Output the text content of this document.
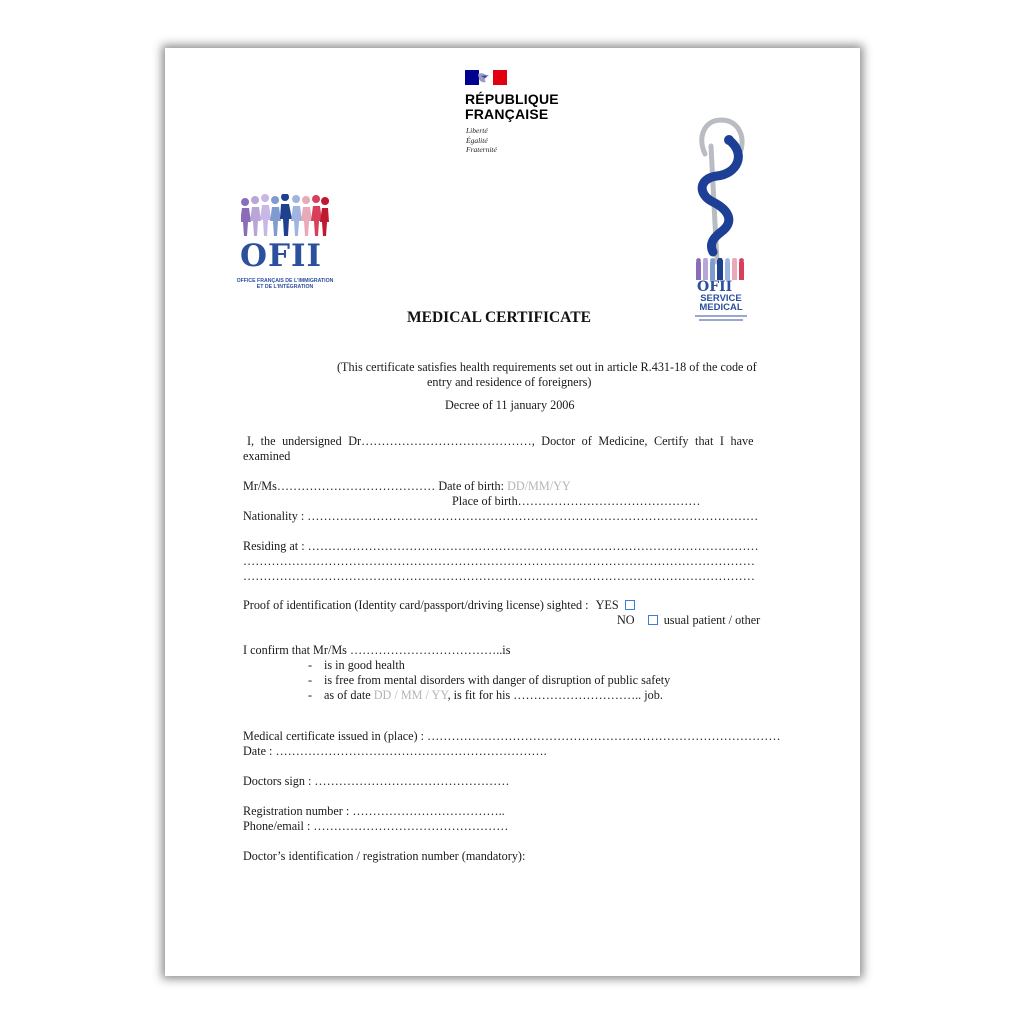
RÉPUBLIQUE
FRANÇAISE
Liberté
Égalité
Fraternité
OFII
OFFICE FRANÇAIS DE L'IMMIGRATION
ET DE L'INTÉGRATION	OFII
SERVICE
MEDICAL
MEDICAL CERTIFICATE
(This certificate satisfies health requirements set out in article R.431-18 of the code of
entry and residence of foreigners)
Decree of 11 january 2006
I, the undersigned Dr……………………………………, Doctor of Medicine, Certify that I have
examined
Mr/Ms………………………………… Date of birth: DD/MM/YY
Place of birth………………………………………
Nationality : …………………………………………………………………………………………………
Residing at : …………………………………………………………………………………………………
………………………………………………………………………………………………………………
………………………………………………………………………………………………………………
Proof of identification (Identity card/passport/driving license) sighted : YES
NO usual patient / other
I confirm that Mr/Ms ………………………………..is
- is in good health
- is free from mental disorders with danger of disruption of public safety
- as of date DD / MM / YY, is fit for his ………………………….. job.
Medical certificate issued in (place) : ……………………………………………………………………………
Date : ………………………………………………………….
Doctors sign : …………………………………………
Registration number : ………………………………..
Phone/email : …………………………………………
Doctor’s identification / registration number (mandatory):
